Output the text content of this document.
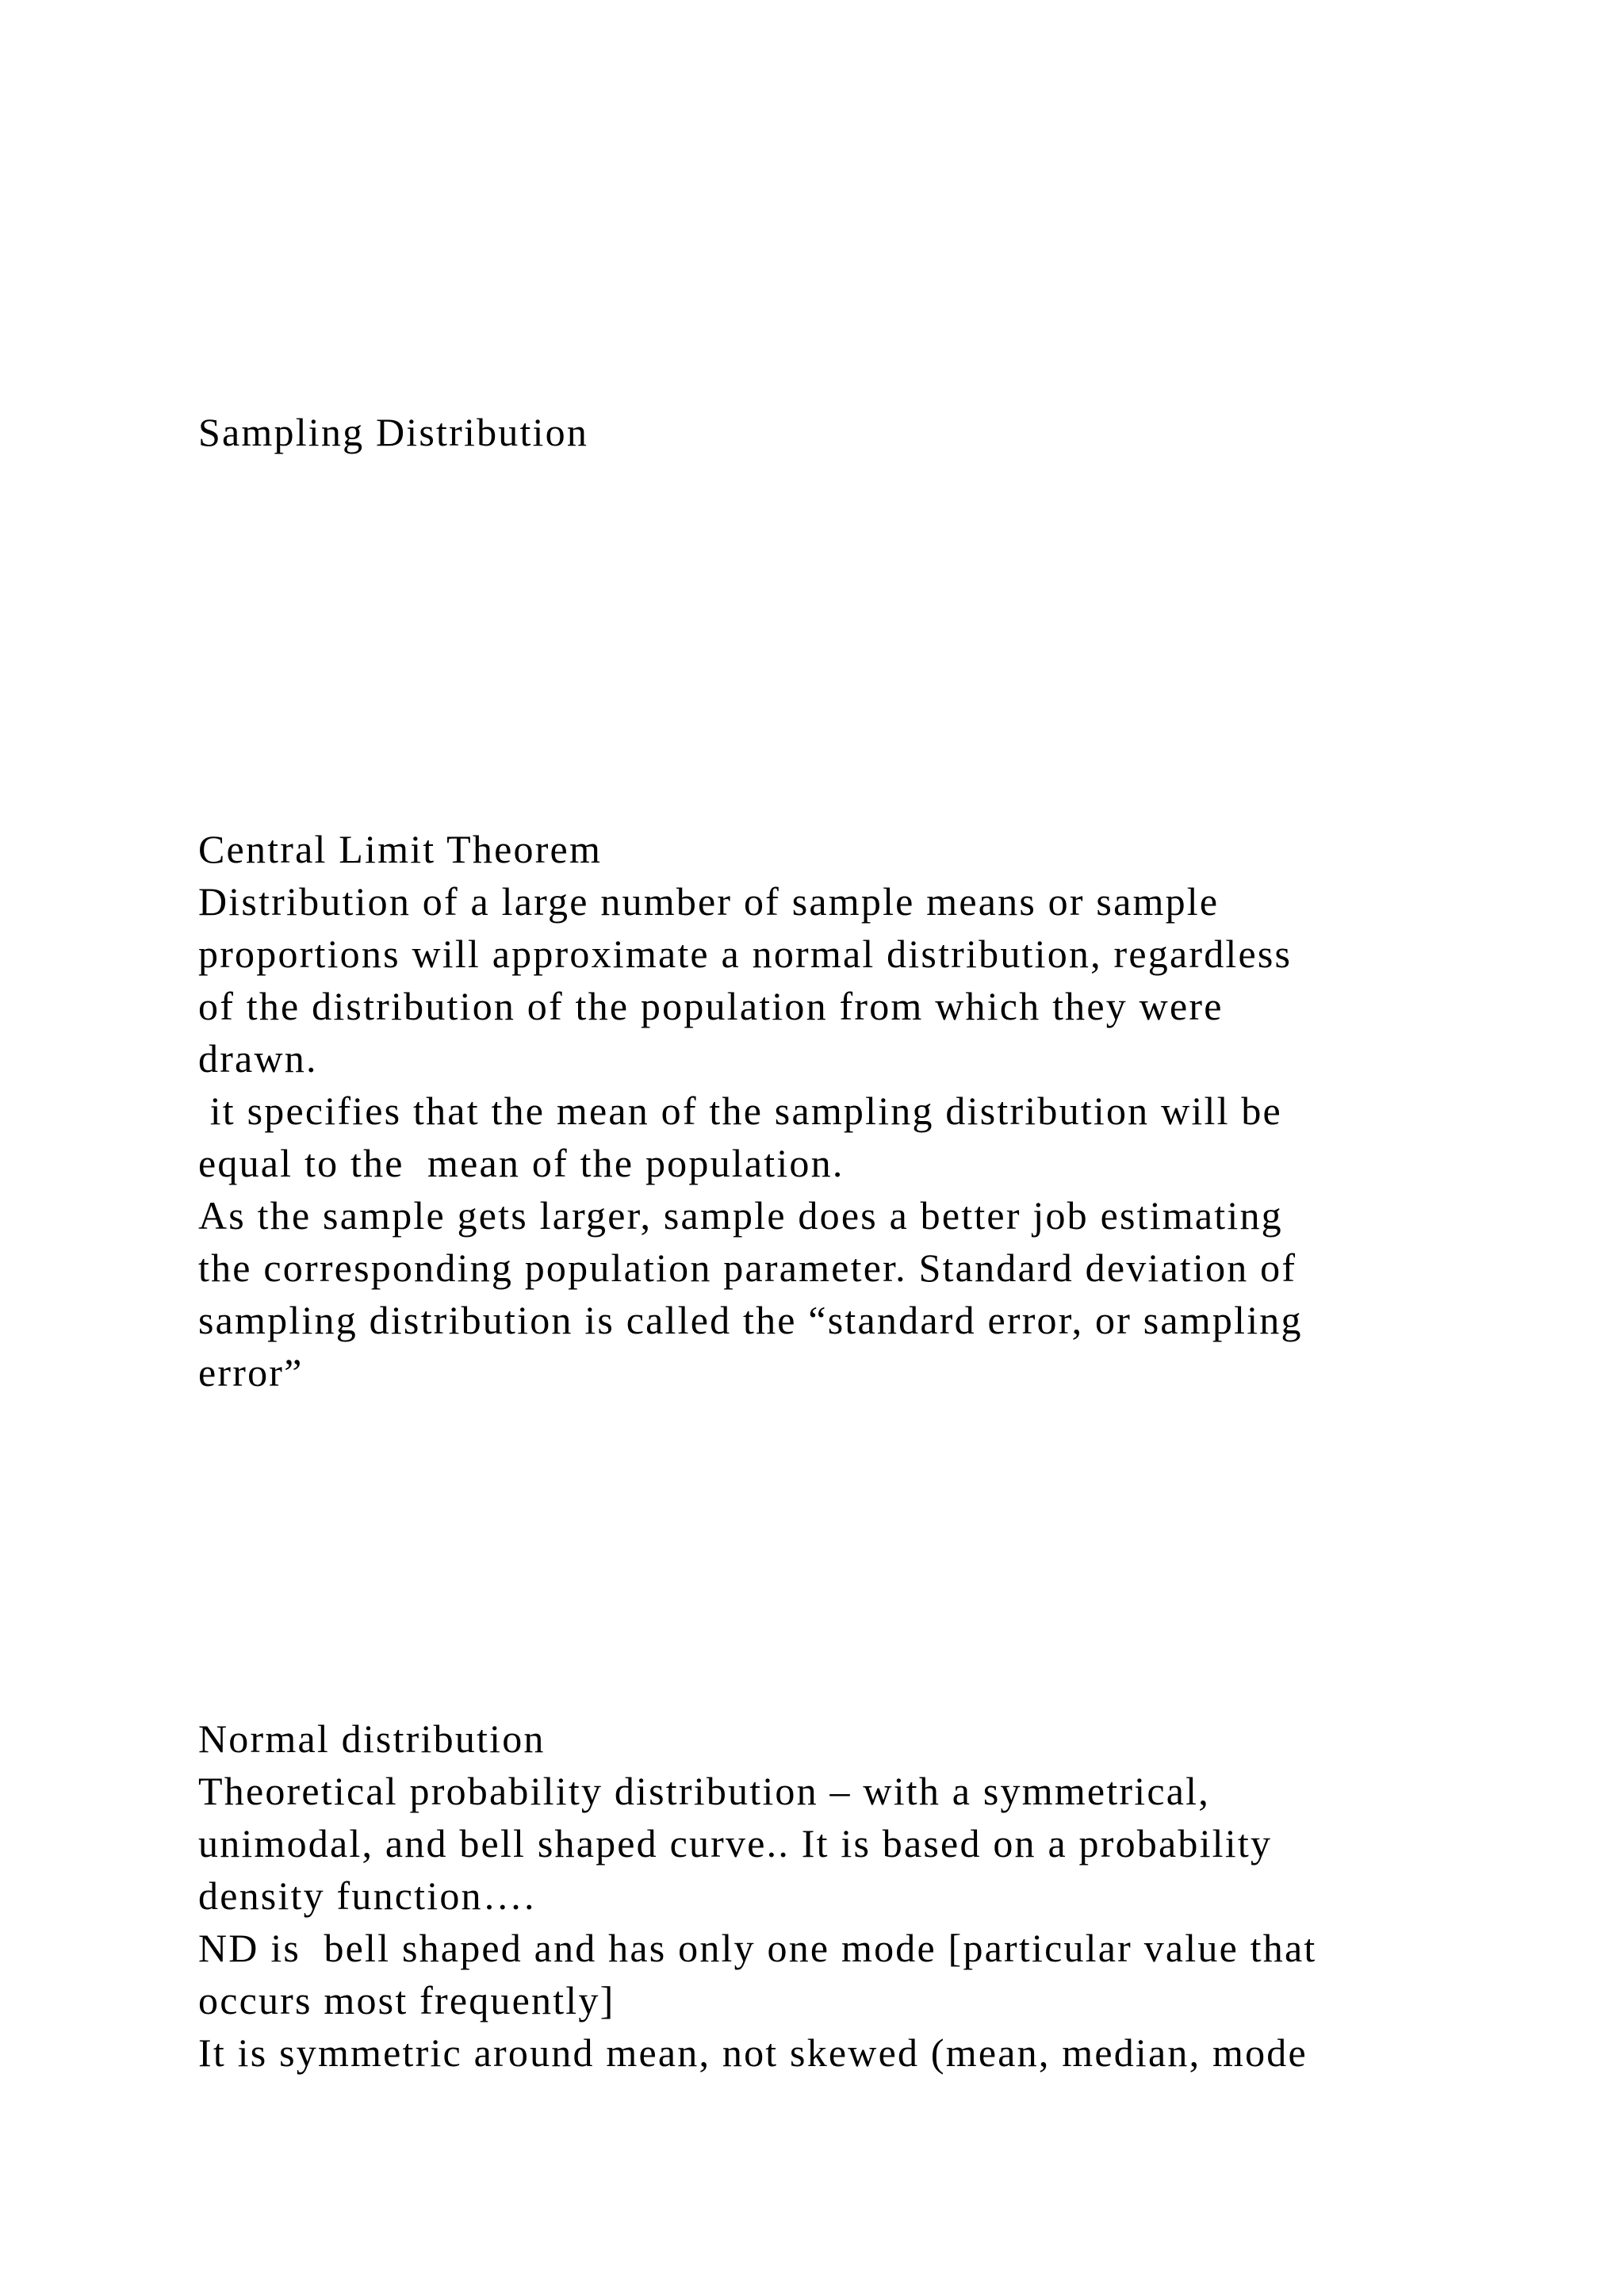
Sampling Distribution

Central Limit Theorem

Distribution of a large number of sample means or sample

proportions will approximate a normal distribution, regardless

of the distribution of the population from which they were

drawn.

it specifies that the mean of the sampling distribution will be

equal to the  mean of the population.

As the sample gets larger, sample does a better job estimating

the corresponding population parameter. Standard deviation of

sampling distribution is called the “standard error, or sampling

error”

Normal distribution

Theoretical probability distribution – with a symmetrical,

unimodal, and bell shaped curve.. It is based on a probability

density function….

ND is  bell shaped and has only one mode [particular value that

occurs most frequently]

It is symmetric around mean, not skewed (mean, median, mode
